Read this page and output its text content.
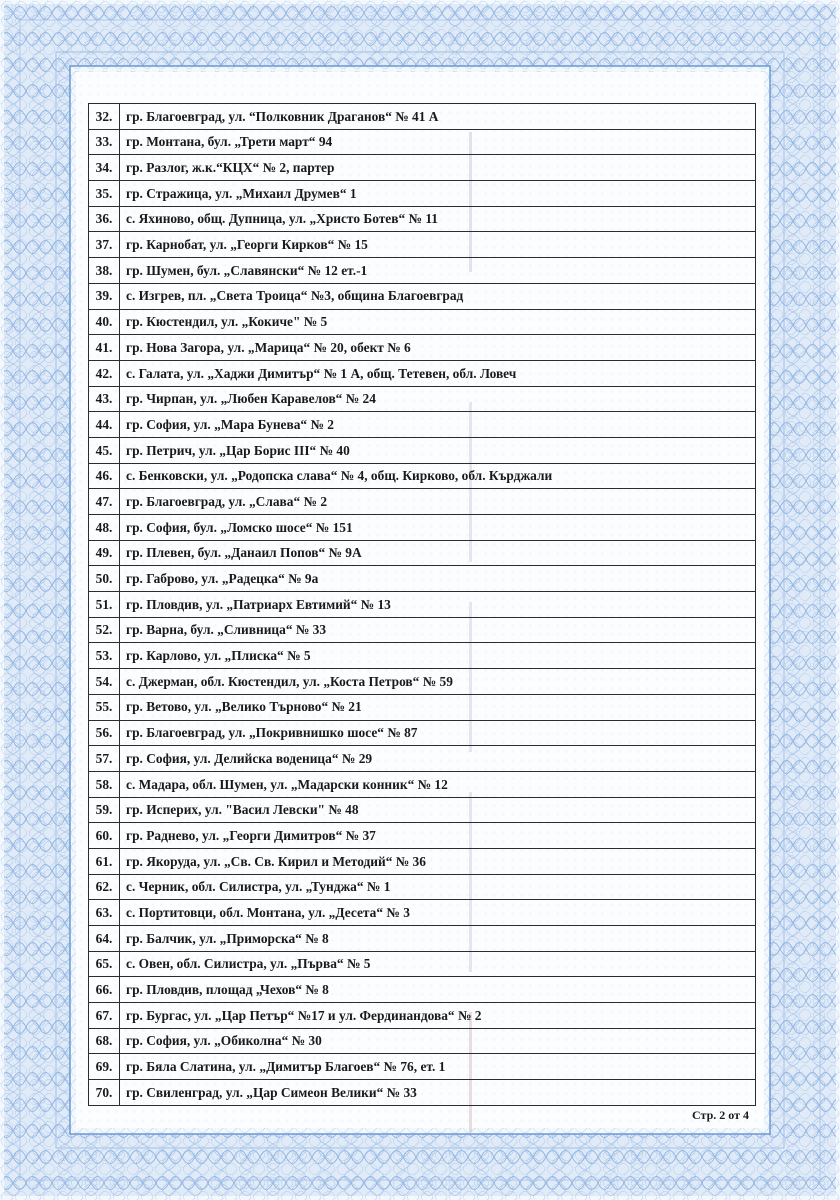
32.	гр. Благоевград, ул. “Полковник Драганов“ № 41 А
33.	гр. Монтана, бул. „Трети март“ 94
34.	гр. Разлог, ж.к.“КЦХ“ № 2, партер
35.	гр. Стражица, ул. „Михаил Друмев“ 1
36.	с. Яхиново, общ. Дупница, ул. „Христо Ботев“ № 11
37.	гр. Карнобат, ул. „Георги Кирков“ № 15
38.	гр. Шумен, бул. „Славянски“ № 12 ет.-1
39.	с. Изгрев, пл. „Света Троица“ №3, община Благоевград
40.	гр. Кюстендил, ул. „Кокиче" № 5
41.	гр. Нова Загора, ул. „Марица“ № 20, обект № 6
42.	с. Галата, ул. „Хаджи Димитър“ № 1 А, общ. Тетевен, обл. Ловеч
43.	гр. Чирпан, ул. „Любен Каравелов“ № 24
44.	гр. София, ул. „Мара Бунева“ № 2
45.	гр. Петрич, ул. „Цар Борис III“ № 40
46.	с. Бенковски, ул. „Родопска слава“ № 4, общ. Кирково, обл. Кърджали
47.	гр. Благоевград, ул. „Слава“ № 2
48.	гр. София, бул. „Ломско шосе“ № 151
49.	гр. Плевен, бул. „Данаил Попов“ № 9А
50.	гр. Габрово, ул. „Радецка“ № 9а
51.	гр. Пловдив, ул. „Патриарх Евтимий“ № 13
52.	гр. Варна, бул. „Сливница“ № 33
53.	гр. Карлово, ул. „Плиска“ № 5
54.	с. Джерман, обл. Кюстендил, ул. „Коста Петров“ № 59
55.	гр. Ветово, ул. „Велико Търново“ № 21
56.	гр. Благоевград, ул. „Покривнишко шосе“ № 87
57.	гр. София, ул. Делийска воденица“ № 29
58.	с. Мадара, обл. Шумен, ул. „Мадарски конник“ № 12
59.	гр. Исперих, ул. "Васил Левски" № 48
60.	гр. Раднево, ул. „Георги Димитров“ № 37
61.	гр. Якоруда, ул. „Св. Св. Кирил и Методий“ № 36
62.	с. Черник, обл. Силистра, ул. „Тунджа“ № 1
63.	с. Портитовци, обл. Монтана, ул. „Десета“ № 3
64.	гр. Балчик, ул. „Приморска“ № 8
65.	с. Овен, обл. Силистра, ул. „Първа“ № 5
66.	гр. Пловдив, площад „Чехов“ № 8
67.	гр. Бургас, ул. „Цар Петър“ №17 и ул. Фердинандова“ № 2
68.	гр. София, ул. „Обиколна“ № 30
69.	гр. Бяла Слатина, ул. „Димитър Благоев“ № 76, ет. 1
70.	гр. Свиленград, ул. „Цар Симеон Велики“ № 33
Стр. 2 от 4
